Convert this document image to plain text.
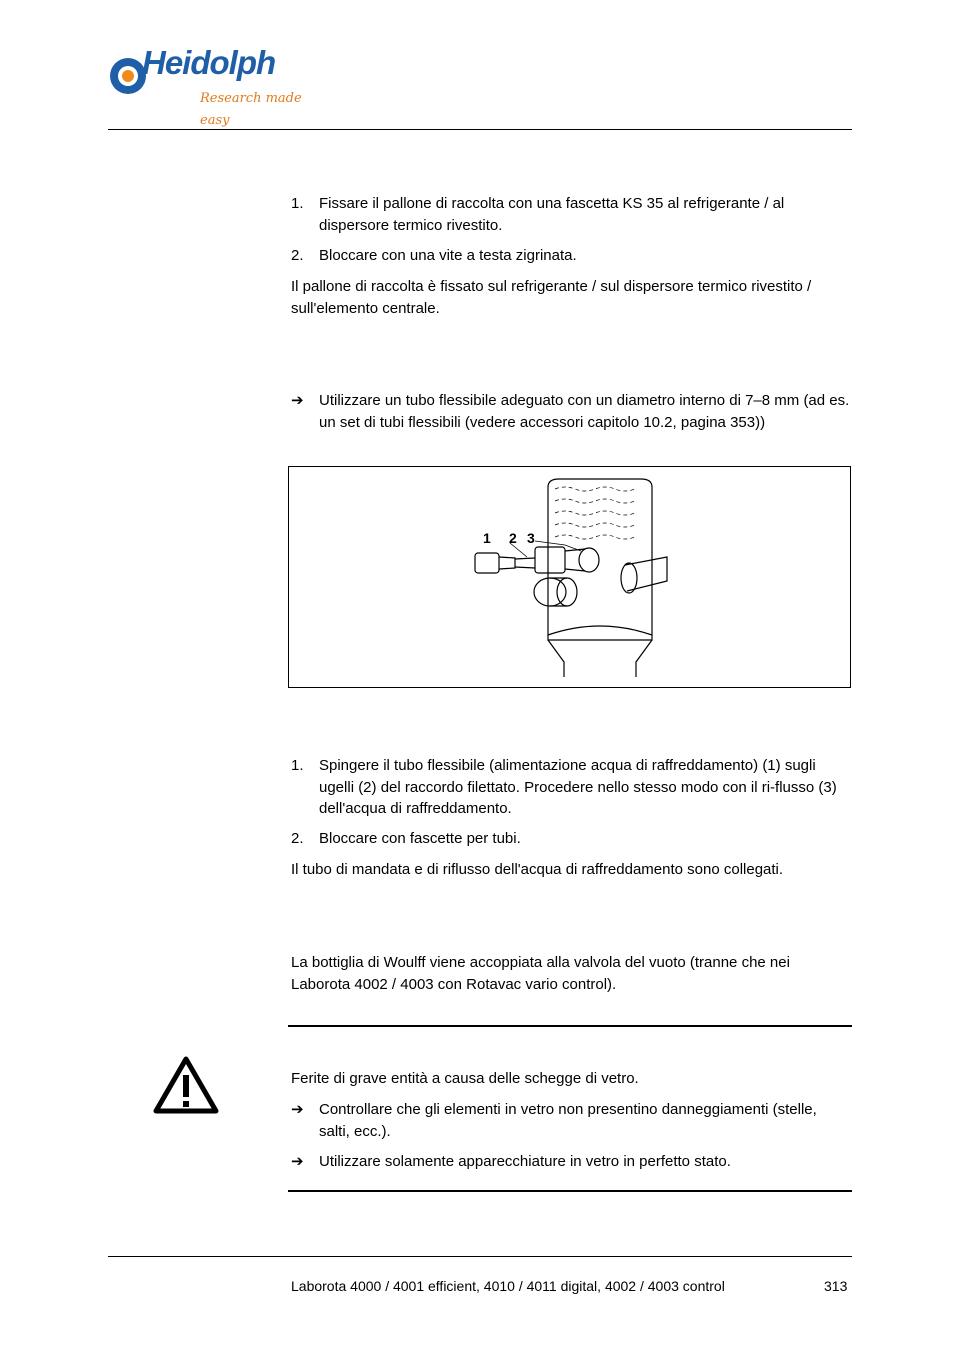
Heidolph
Research made easy
1. Fissare il pallone di raccolta con una fascetta KS 35 al refrigerante / al dispersore termico rivestito.
2. Bloccare con una vite a testa zigrinata.
Il pallone di raccolta è fissato sul refrigerante / sul dispersore termico rivestito / sull'elemento centrale.
➔ Utilizzare un tubo flessibile adeguato con un diametro interno di 7–8 mm (ad es. un set di tubi flessibili (vedere accessori capitolo 10.2, pagina 353))
1 2 3
1. Spingere il tubo flessibile (alimentazione acqua di raffreddamento) (1) sugli ugelli (2) del raccordo filettato. Procedere nello stesso modo con il ri-flusso (3) dell'acqua di raffreddamento.
2. Bloccare con fascette per tubi.
Il tubo di mandata e di riflusso dell'acqua di raffreddamento sono collegati.
La bottiglia di Woulff viene accoppiata alla valvola del vuoto (tranne che nei Laborota 4002 / 4003 con Rotavac vario control).
Ferite di grave entità a causa delle schegge di vetro.
➔ Controllare che gli elementi in vetro non presentino danneggiamenti (stelle, salti, ecc.).
➔ Utilizzare solamente apparecchiature in vetro in perfetto stato.
Laborota 4000 / 4001 efficient, 4010 / 4011 digital, 4002 / 4003 control	313
